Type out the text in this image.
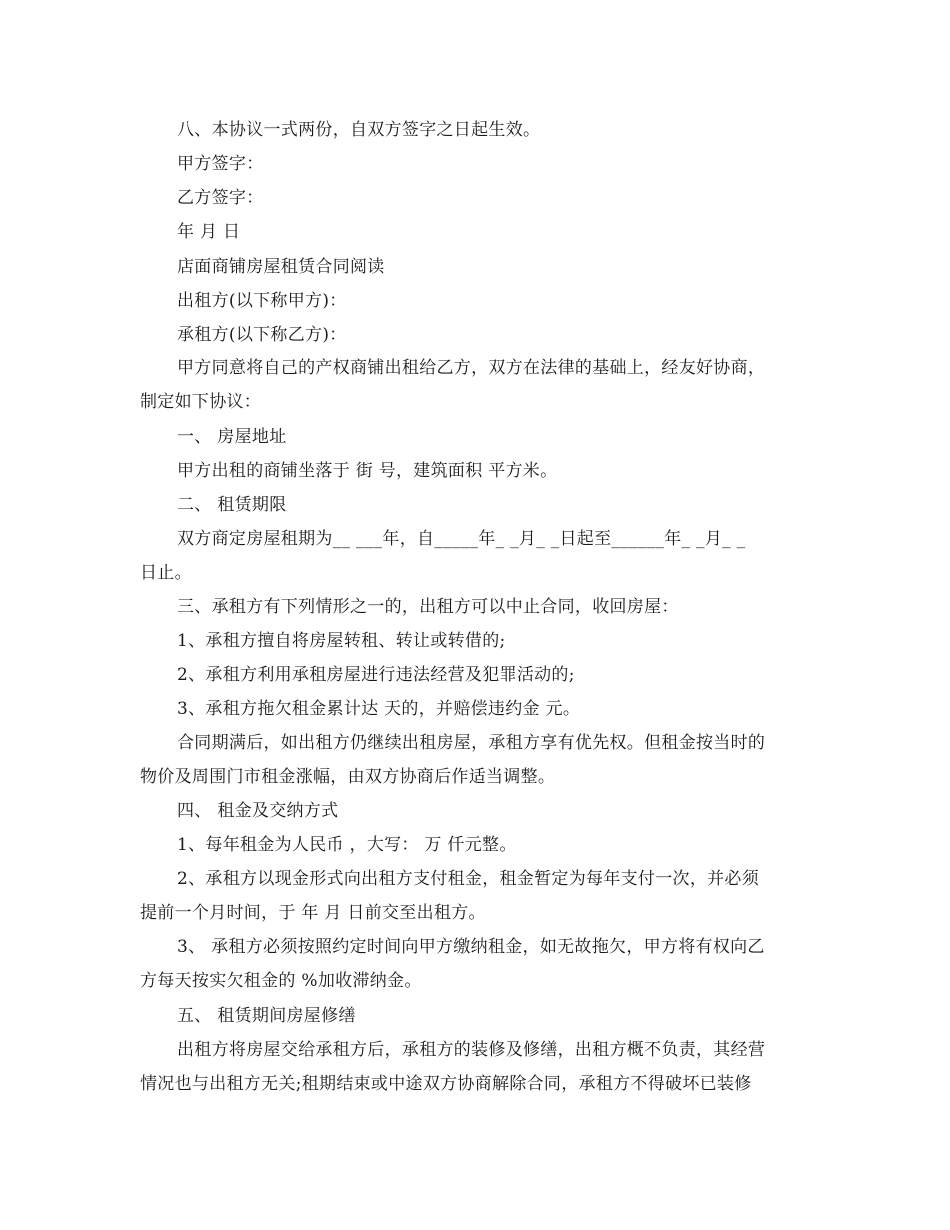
八、本协议一式两份，自双方签字之日起生效。
甲方签字：
乙方签字：
年 月 日
店面商铺房屋租赁合同阅读
出租方(以下称甲方)：
承租方(以下称乙方)：
甲方同意将自己的产权商铺出租给乙方，双方在法律的基础上，经友好协商，
制定如下协议：
一、 房屋地址
甲方出租的商铺坐落于 街 号，建筑面积 平方米。
二、 租赁期限
双方商定房屋租期为__ ___年，自_____年_ _月_ _日起至______年_ _月_ _
日止。
三、承租方有下列情形之一的，出租方可以中止合同，收回房屋：
1、承租方擅自将房屋转租、转让或转借的;
2、承租方利用承租房屋进行违法经营及犯罪活动的;
3、承租方拖欠租金累计达 天的，并赔偿违约金 元。
合同期满后，如出租方仍继续出租房屋，承租方享有优先权。但租金按当时的
物价及周围门市租金涨幅，由双方协商后作适当调整。
四、 租金及交纳方式
1、每年租金为人民币 ，大写： 万 仟元整。
2、承租方以现金形式向出租方支付租金，租金暂定为每年支付一次，并必须
提前一个月时间，于 年 月 日前交至出租方。
3、 承租方必须按照约定时间向甲方缴纳租金，如无故拖欠，甲方将有权向乙
方每天按实欠租金的 %加收滞纳金。
五、 租赁期间房屋修缮
出租方将房屋交给承租方后，承租方的装修及修缮，出租方概不负责，其经营
情况也与出租方无关;租期结束或中途双方协商解除合同，承租方不得破坏已装修
